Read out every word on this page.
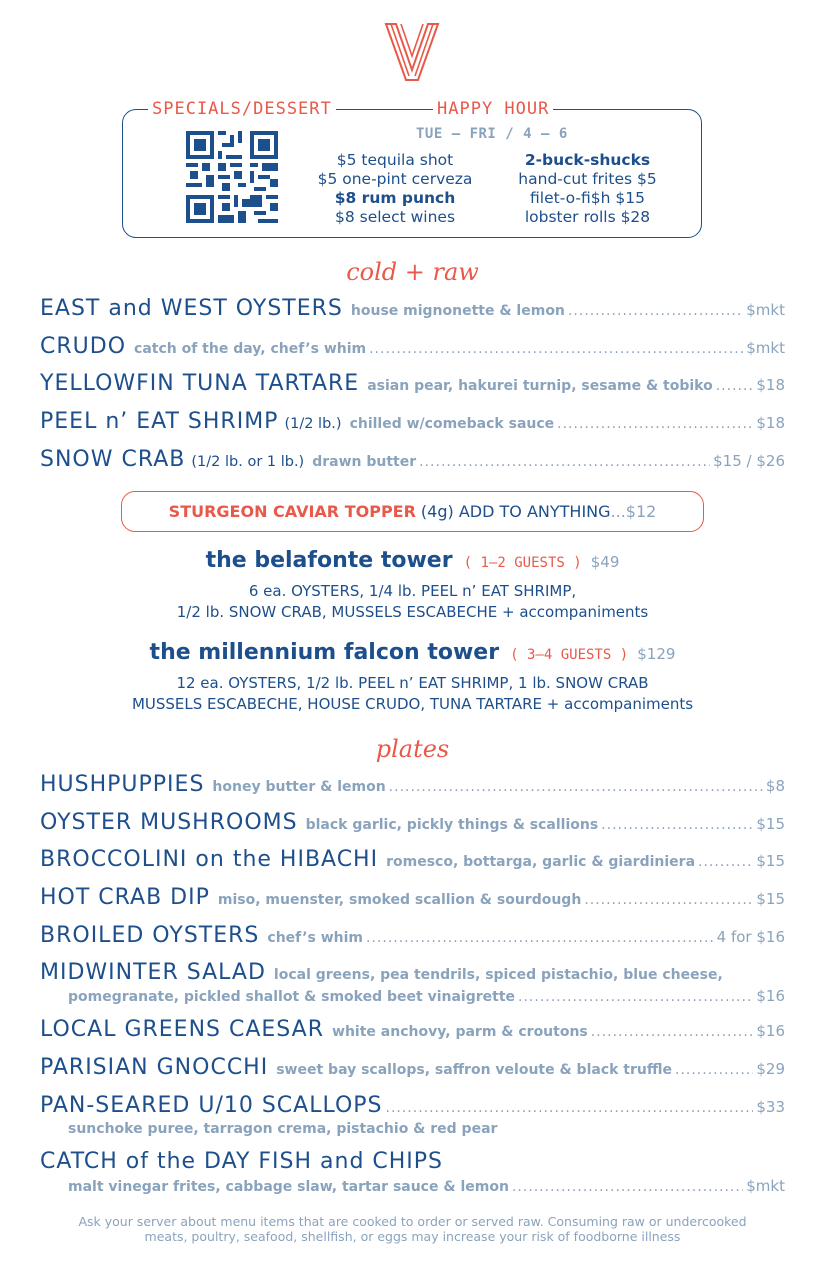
SPECIALS/DESSERT	HAPPY HOUR
TUE — FRI / 4 — 6
$5 tequila shot
$5 one-pint cerveza
$8 rum punch
$8 select wines
2-buck-shucks
hand-cut frites $5
filet-o-fi$h $15
lobster rolls $28
cold + raw
EAST and WEST OYSTERS house mignonette & lemon .....	$mkt
CRUDO catch of the day, chef’s whim .....	$mkt
YELLOWFIN TUNA TARTARE asian pear, hakurei turnip, sesame & tobiko .....	$18
PEEL n’ EAT SHRIMP (1/2 lb.) chilled w/comeback sauce .....	$18
SNOW CRAB (1/2 lb. or 1 lb.) drawn butter .....	$15 / $26
STURGEON CAVIAR TOPPER (4g) ADD TO ANYTHING ...$12
the belafonte tower ( 1–2 GUESTS ) $49
6 ea. OYSTERS, 1/4 lb. PEEL n’ EAT SHRIMP,
1/2 lb. SNOW CRAB, MUSSELS ESCABECHE + accompaniments
the millennium falcon tower ( 3–4 GUESTS ) $129
12 ea. OYSTERS, 1/2 lb. PEEL n’ EAT SHRIMP, 1 lb. SNOW CRAB
MUSSELS ESCABECHE, HOUSE CRUDO, TUNA TARTARE + accompaniments
plates
HUSHPUPPIES honey butter & lemon .....	$8
OYSTER MUSHROOMS black garlic, pickly things & scallions .....	$15
BROCCOLINI on the HIBACHI romesco, bottarga, garlic & giardiniera .....	$15
HOT CRAB DIP miso, muenster, smoked scallion & sourdough .....	$15
BROILED OYSTERS chef’s whim .....	4 for $16
MIDWINTER SALAD local greens, pea tendrils, spiced pistachio, blue cheese,
pomegranate, pickled shallot & smoked beet vinaigrette .....	$16
LOCAL GREENS CAESAR white anchovy, parm & croutons .....	$16
PARISIAN GNOCCHI sweet bay scallops, saffron veloute & black truffle .....	$29
PAN-SEARED U/10 SCALLOPS .....	$33
sunchoke puree, tarragon crema, pistachio & red pear
CATCH of the DAY FISH and CHIPS
malt vinegar frites, cabbage slaw, tartar sauce & lemon .....	$mkt
Ask your server about menu items that are cooked to order or served raw. Consuming raw or undercooked
meats, poultry, seafood, shellfish, or eggs may increase your risk of foodborne illness
